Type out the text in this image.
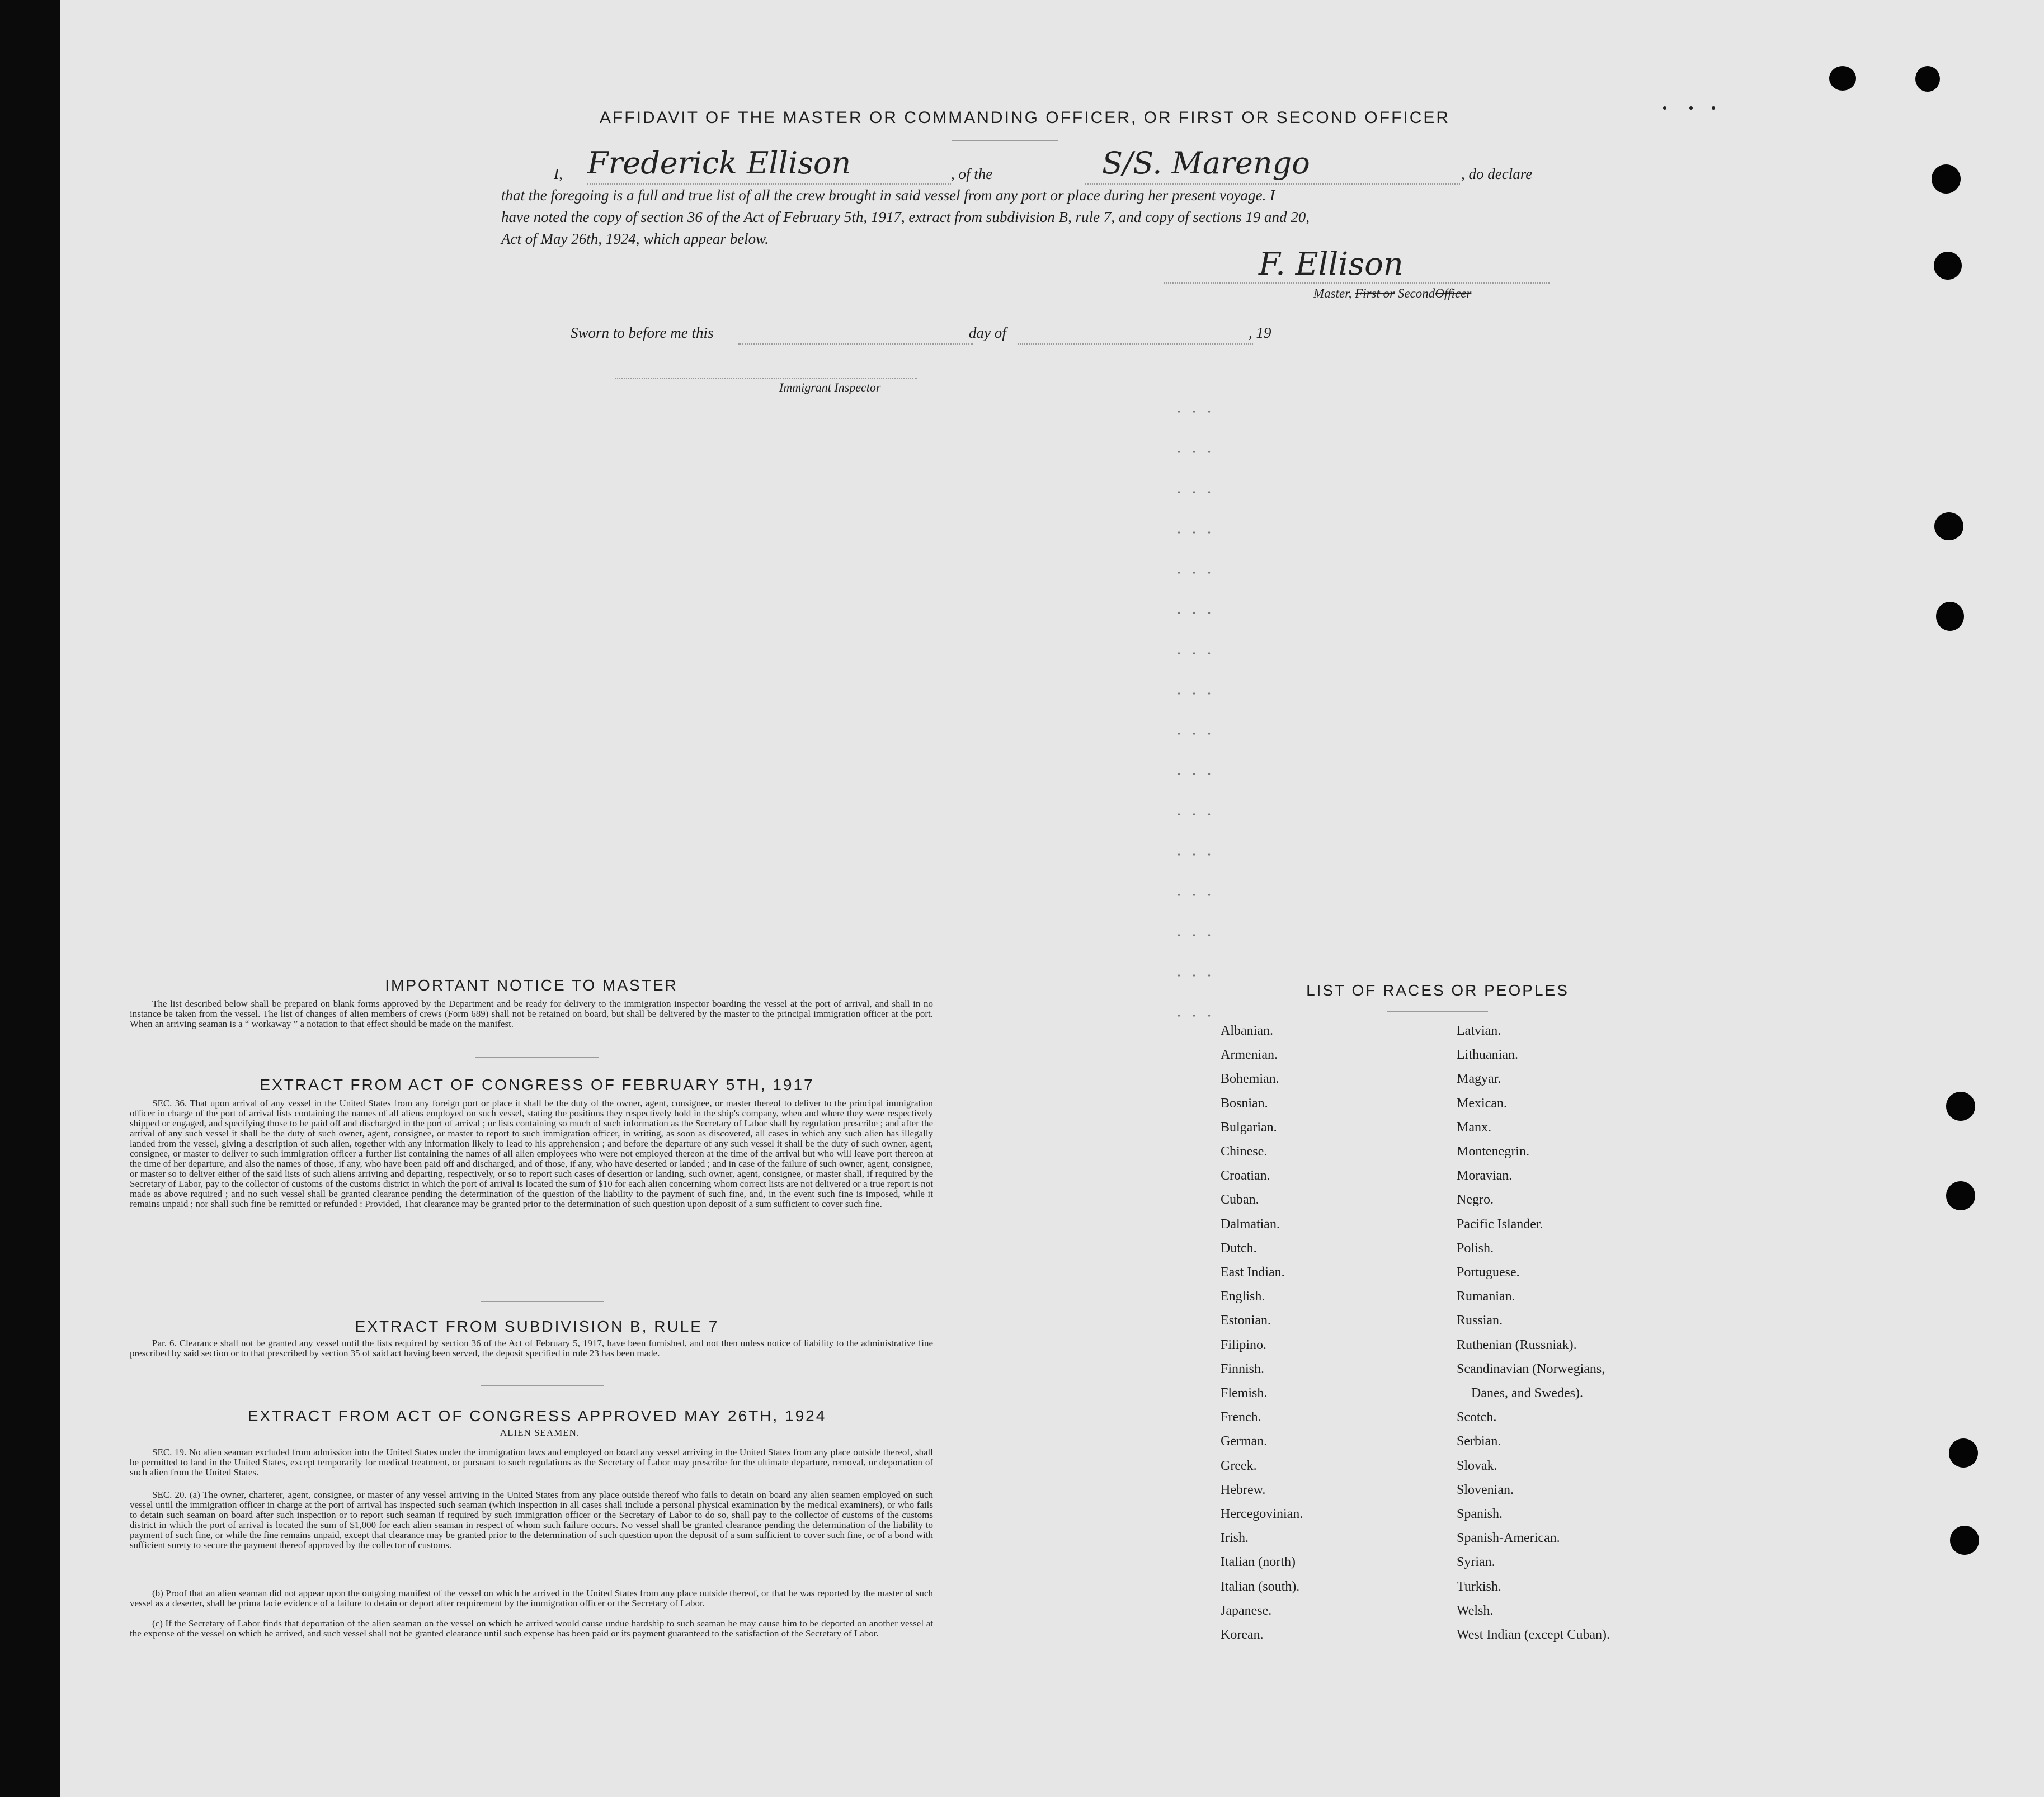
AFFIDAVIT OF THE MASTER OR COMMANDING OFFICER, OR FIRST OR SECOND OFFICER
I, Frederick Ellison	, of the	S/S. Marengo	, do declare
that the foregoing is a full and true list of all the crew brought in said vessel from any port or place during her present voyage. I
have noted the copy of section 36 of the Act of February 5th, 1917, extract from subdivision B, rule 7, and copy of sections 19 and 20,
Act of May 26th, 1924, which appear below.
F. Ellison
Master, First or SecondOfficer
Sworn to before me this	day of	, 19
Immigrant Inspector
IMPORTANT NOTICE TO MASTER
The list described below shall be prepared on blank forms approved by the Department and be ready for delivery to the immigration inspector boarding the vessel at the port of arrival, and shall in no instance be taken from the vessel. The list of changes of alien members of crews (Form 689) shall not be retained on board, but shall be delivered by the master to the principal immigration officer at the port. When an arriving seaman is a “ workaway ” a notation to that effect should be made on the manifest.
EXTRACT FROM ACT OF CONGRESS OF FEBRUARY 5TH, 1917
SEC. 36. That upon arrival of any vessel in the United States from any foreign port or place it shall be the duty of the owner, agent, consignee, or master thereof to deliver to the principal immigration officer in charge of the port of arrival lists containing the names of all aliens employed on such vessel, stating the positions they respectively hold in the ship's company, when and where they were respectively shipped or engaged, and specifying those to be paid off and discharged in the port of arrival ; or lists containing so much of such information as the Secretary of Labor shall by regulation prescribe ; and after the arrival of any such vessel it shall be the duty of such owner, agent, consignee, or master to report to such immigration officer, in writing, as soon as discovered, all cases in which any such alien has illegally landed from the vessel, giving a description of such alien, together with any information likely to lead to his apprehension ; and before the departure of any such vessel it shall be the duty of such owner, agent, consignee, or master to deliver to such immigration officer a further list containing the names of all alien employees who were not employed thereon at the time of the arrival but who will leave port thereon at the time of her departure, and also the names of those, if any, who have been paid off and discharged, and of those, if any, who have deserted or landed ; and in case of the failure of such owner, agent, consignee, or master so to deliver either of the said lists of such aliens arriving and departing, respectively, or so to report such cases of desertion or landing, such owner, agent, consignee, or master shall, if required by the Secretary of Labor, pay to the collector of customs of the customs district in which the port of arrival is located the sum of $10 for each alien concerning whom correct lists are not delivered or a true report is not made as above required ; and no such vessel shall be granted clearance pending the determination of the question of the liability to the payment of such fine, and, in the event such fine is imposed, while it remains unpaid ; nor shall such fine be remitted or refunded : Provided, That clearance may be granted prior to the determination of such question upon deposit of a sum sufficient to cover such fine.
EXTRACT FROM SUBDIVISION B, RULE 7
Par. 6. Clearance shall not be granted any vessel until the lists required by section 36 of the Act of February 5, 1917, have been furnished, and not then unless notice of liability to the administrative fine prescribed by said section or to that prescribed by section 35 of said act having been served, the deposit specified in rule 23 has been made.
EXTRACT FROM ACT OF CONGRESS APPROVED MAY 26TH, 1924
ALIEN SEAMEN.
SEC. 19. No alien seaman excluded from admission into the United States under the immigration laws and employed on board any vessel arriving in the United States from any place outside thereof, shall be permitted to land in the United States, except temporarily for medical treatment, or pursuant to such regulations as the Secretary of Labor may prescribe for the ultimate departure, removal, or deportation of such alien from the United States.
SEC. 20. (a) The owner, charterer, agent, consignee, or master of any vessel arriving in the United States from any place outside thereof who fails to detain on board any alien seamen employed on such vessel until the immigration officer in charge at the port of arrival has inspected such seaman (which inspection in all cases shall include a personal physical examination by the medical examiners), or who fails to detain such seaman on board after such inspection or to report such seaman if required by such immigration officer or the Secretary of Labor to do so, shall pay to the collector of customs of the customs district in which the port of arrival is located the sum of $1,000 for each alien seaman in respect of whom such failure occurs. No vessel shall be granted clearance pending the determination of the liability to payment of such fine, or while the fine remains unpaid, except that clearance may be granted prior to the determination of such question upon the deposit of a sum sufficient to cover such fine, or of a bond with sufficient surety to secure the payment thereof approved by the collector of customs.
(b) Proof that an alien seaman did not appear upon the outgoing manifest of the vessel on which he arrived in the United States from any place outside thereof, or that he was reported by the master of such vessel as a deserter, shall be prima facie evidence of a failure to detain or deport after requirement by the immigration officer or the Secretary of Labor.
(c) If the Secretary of Labor finds that deportation of the alien seaman on the vessel on which he arrived would cause undue hardship to such seaman he may cause him to be deported on another vessel at the expense of the vessel on which he arrived, and such vessel shall not be granted clearance until such expense has been paid or its payment guaranteed to the satisfaction of the Secretary of Labor.
LIST OF RACES OR PEOPLES
Albanian.
Armenian.
Bohemian.
Bosnian.
Bulgarian.
Chinese.
Croatian.
Cuban.
Dalmatian.
Dutch.
East Indian.
English.
Estonian.
Filipino.
Finnish.
Flemish.
French.
German.
Greek.
Hebrew.
Hercegovinian.
Irish.
Italian (north)
Italian (south).
Japanese.
Korean.
Latvian.
Lithuanian.
Magyar.
Mexican.
Manx.
Montenegrin.
Moravian.
Negro.
Pacific Islander.
Polish.
Portuguese.
Rumanian.
Russian.
Ruthenian (Russniak).
Scandinavian (Norwegians,
Danes, and Swedes).
Scotch.
Serbian.
Slovak.
Slovenian.
Spanish.
Spanish-American.
Syrian.
Turkish.
Welsh.
West Indian (except Cuban).
